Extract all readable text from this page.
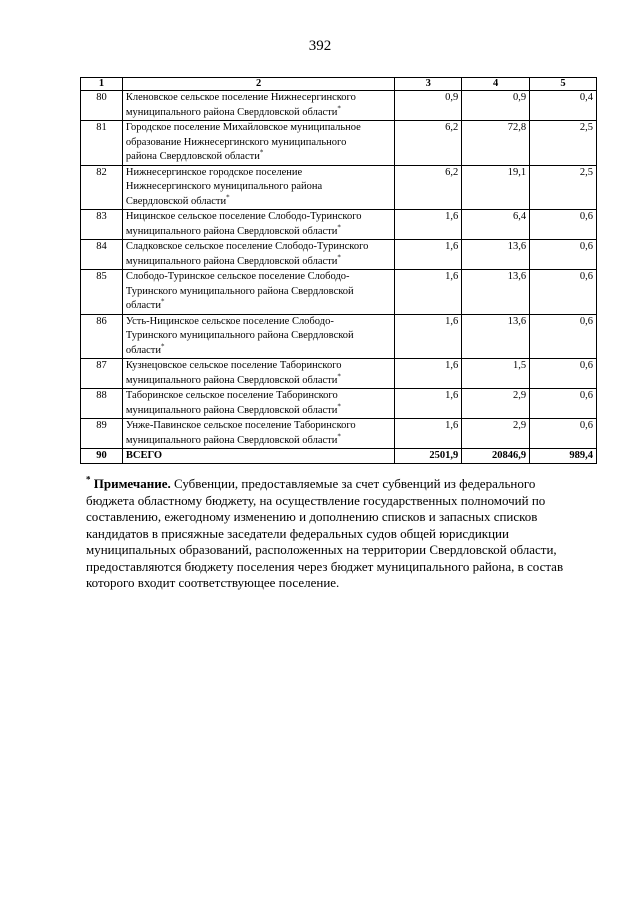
392
1	2	3	4	5
80	Кленовское сельское поселение Нижнесергинского
муниципального района Свердловской области*	0,9	0,9	0,4
81	Городское поселение Михайловское муниципальное
образование Нижнесергинского муниципального
района Свердловской области*	6,2	72,8	2,5
82	Нижнесергинское городское поселение
Нижнесергинского муниципального района
Свердловской области*	6,2	19,1	2,5
83	Ницинское сельское поселение Слободо-Туринского
муниципального района Свердловской области*	1,6	6,4	0,6
84	Сладковское сельское поселение Слободо-Туринского
муниципального района Свердловской области*	1,6	13,6	0,6
85	Слободо-Туринское сельское поселение Слободо-
Туринского муниципального района Свердловской
области*	1,6	13,6	0,6
86	Усть-Ницинское сельское поселение Слободо-
Туринского муниципального района Свердловской
области*	1,6	13,6	0,6
87	Кузнецовское сельское поселение Таборинского
муниципального района Свердловской области*	1,6	1,5	0,6
88	Таборинское сельское поселение Таборинского
муниципального района Свердловской области*	1,6	2,9	0,6
89	Унже-Павинское сельское поселение Таборинского
муниципального района Свердловской области*	1,6	2,9	0,6
90	ВСЕГО	2501,9	20846,9	989,4
* Примечание. Субвенции, предоставляемые за счет субвенций из федерального бюджета областному бюджету, на осуществление государственных полномочий по составлению, ежегодному изменению и дополнению списков и запасных списков кандидатов в присяжные заседатели федеральных судов общей юрисдикции муниципальных образований, расположенных на территории Свердловской области, предоставляются бюджету поселения через бюджет муниципального района, в состав которого входит соответствующее поселение.
